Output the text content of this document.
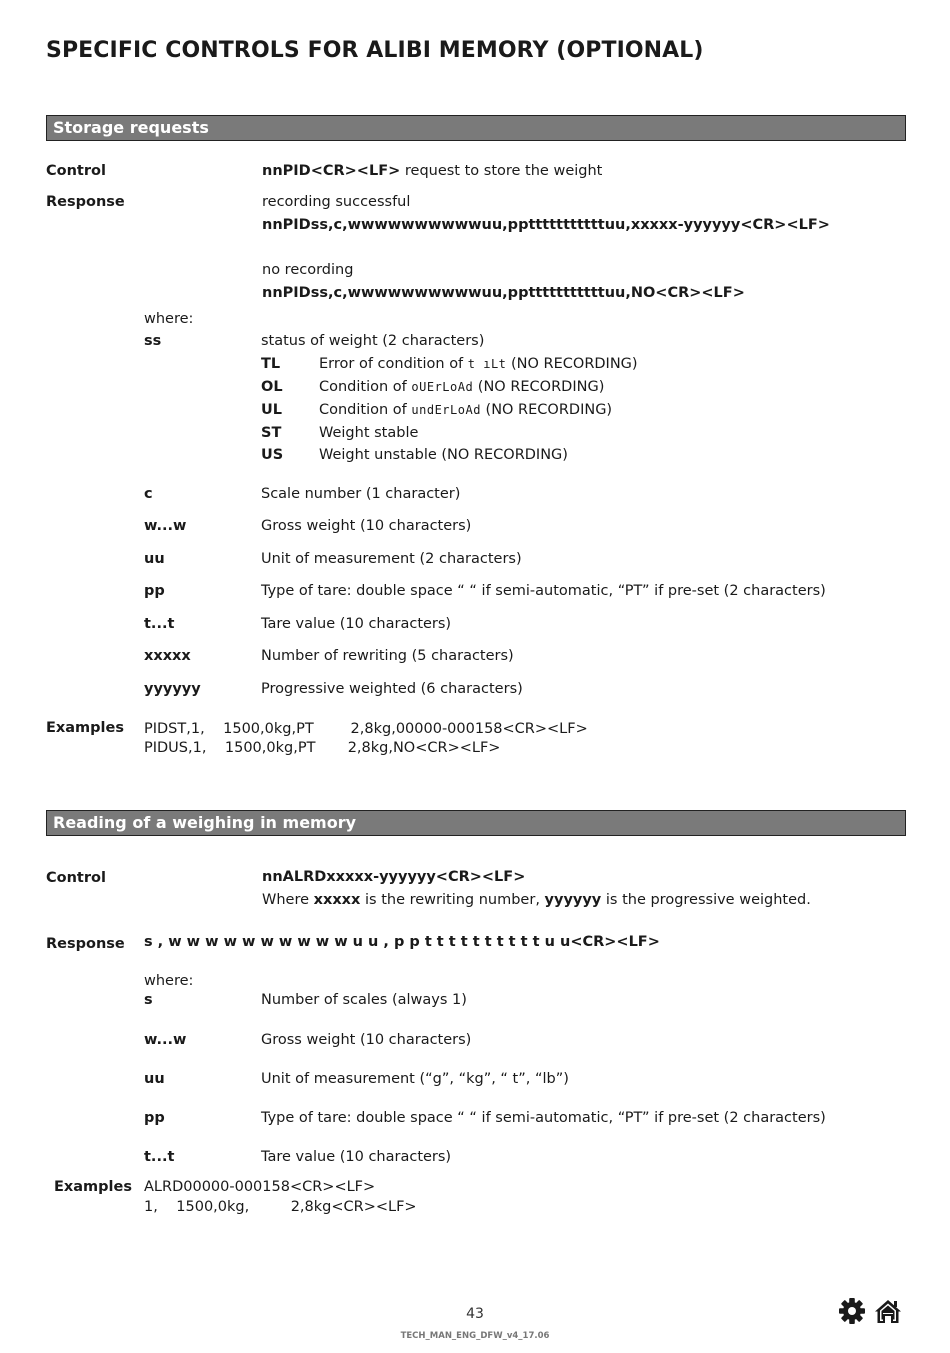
SPECIFIC CONTROLS FOR ALIBI MEMORY (OPTIONAL)
Storage requests
Control	nnPID<CR><LF> request to store the weight
Response	recording successful
nnPIDss,c,wwwwwwwwwwuu,pptttttttttttuu,xxxxx-yyyyyy<CR><LF>
no recording
nnPIDss,c,wwwwwwwwwwuu,pptttttttttttuu,NO<CR><LF>
where:
ss	status of weight (2 characters)
TL	Error of condition of t ıLt (NO RECORDING)
OL	Condition of oUErLoAd (NO RECORDING)
UL	Condition of undErLoAd (NO RECORDING)
ST	Weight stable
US Weight unstable (NO RECORDING)
c	Scale number (1 character)
w...w	Gross weight (10 characters)
uu	Unit of measurement (2 characters)
pp	Type of tare: double space “ “ if semi-automatic, “PT” if pre-set (2 characters)
t...t	Tare value (10 characters)
xxxxx	Number of rewriting (5 characters)
yyyyyy	Progressive weighted (6 characters)
Examples PIDST,1,    1500,0kg,PT        2,8kg,00000-000158<CR><LF>
PIDUS,1,    1500,0kg,PT       2,8kg,NO<CR><LF>
Reading of a weighing in memory
Control	nnALRDxxxxx-yyyyyy<CR><LF>
Where xxxxx is the rewriting number, yyyyyy is the progressive weighted.
Response s , w w w w w w w w w w u u , p p t t t t t t t t t t u u<CR><LF>
where:
s	Number of scales (always 1)
w...w	Gross weight (10 characters)
uu	Unit of measurement (“g”, “kg”, “ t”, “lb”)
pp	Type of tare: double space “ “ if semi-automatic, “PT” if pre-set (2 characters)
t...t	Tare value (10 characters)
Examples ALRD00000-000158<CR><LF>
1,    1500,0kg,         2,8kg<CR><LF>
43
TECH_MAN_ENG_DFW_v4_17.06
